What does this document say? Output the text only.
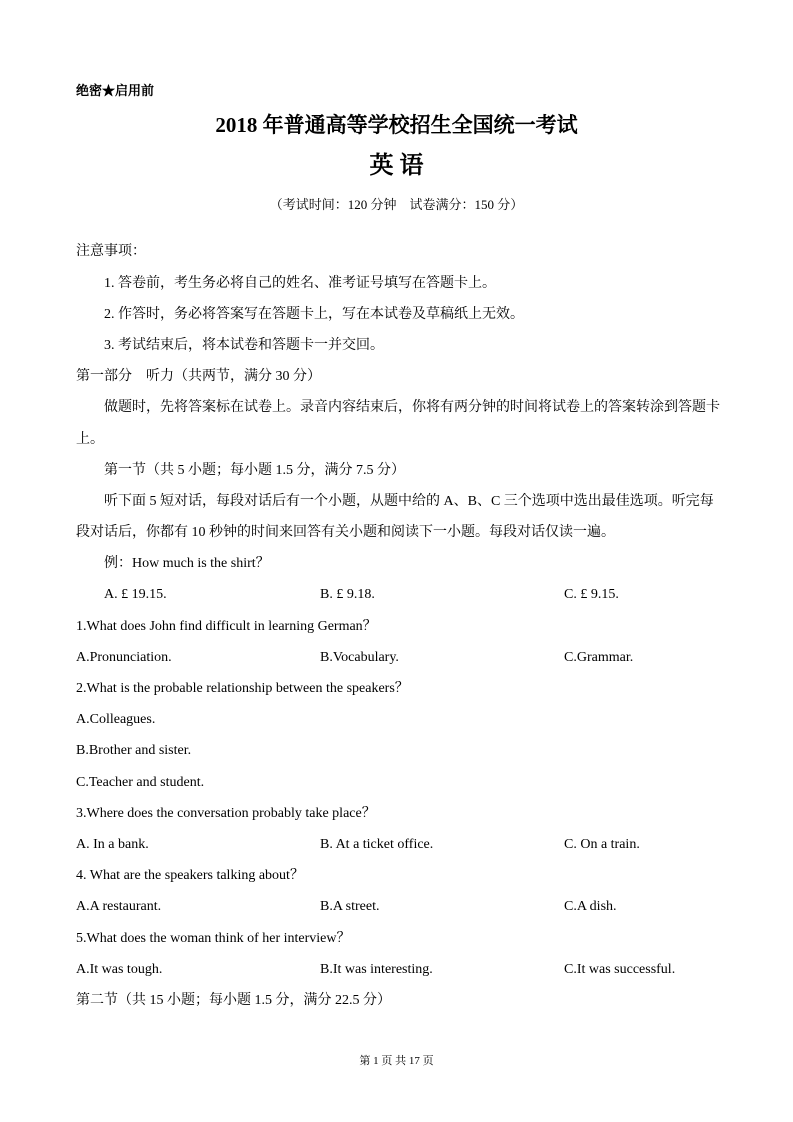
绝密★启用前
2018 年普通高等学校招生全国统一考试
英 语
（考试时间：120 分钟　试卷满分：150 分）
注意事项：
1. 答卷前，考生务必将自己的姓名、准考证号填写在答题卡上。
2. 作答时，务必将答案写在答题卡上，写在本试卷及草稿纸上无效。
3. 考试结束后，将本试卷和答题卡一并交回。
第一部分　听力（共两节，满分 30 分）
做题时，先将答案标在试卷上。录音内容结束后，你将有两分钟的时间将试卷上的答案转涂到答题卡
上。
第一节（共 5 小题；每小题 1.5 分，满分 7.5 分）
听下面 5 短对话，每段对话后有一个小题，从题中给的 A、B、C 三个选项中选出最佳选项。听完每
段对话后，你都有 10 秒钟的时间来回答有关小题和阅读下一小题。每段对话仅读一遍。
例：How much is the shirt？
A. £ 19.15.	B. £ 9.18.	C. £ 9.15.
1.What does John find difficult in learning German？
A.Pronunciation.	B.Vocabulary.	C.Grammar.
2.What is the probable relationship between the speakers？
A.Colleagues.
B.Brother and sister.
C.Teacher and student.
3.Where does the conversation probably take place？
A. In a bank.	B. At a ticket office.	C. On a train.
4. What are the speakers talking about？
A.A restaurant.	B.A street.	C.A dish.
5.What does the woman think of her interview？
A.It was tough.	B.It was interesting.	C.It was successful.
第二节（共 15 小题；每小题 1.5 分，满分 22.5 分）
第 1 页 共 17 页
